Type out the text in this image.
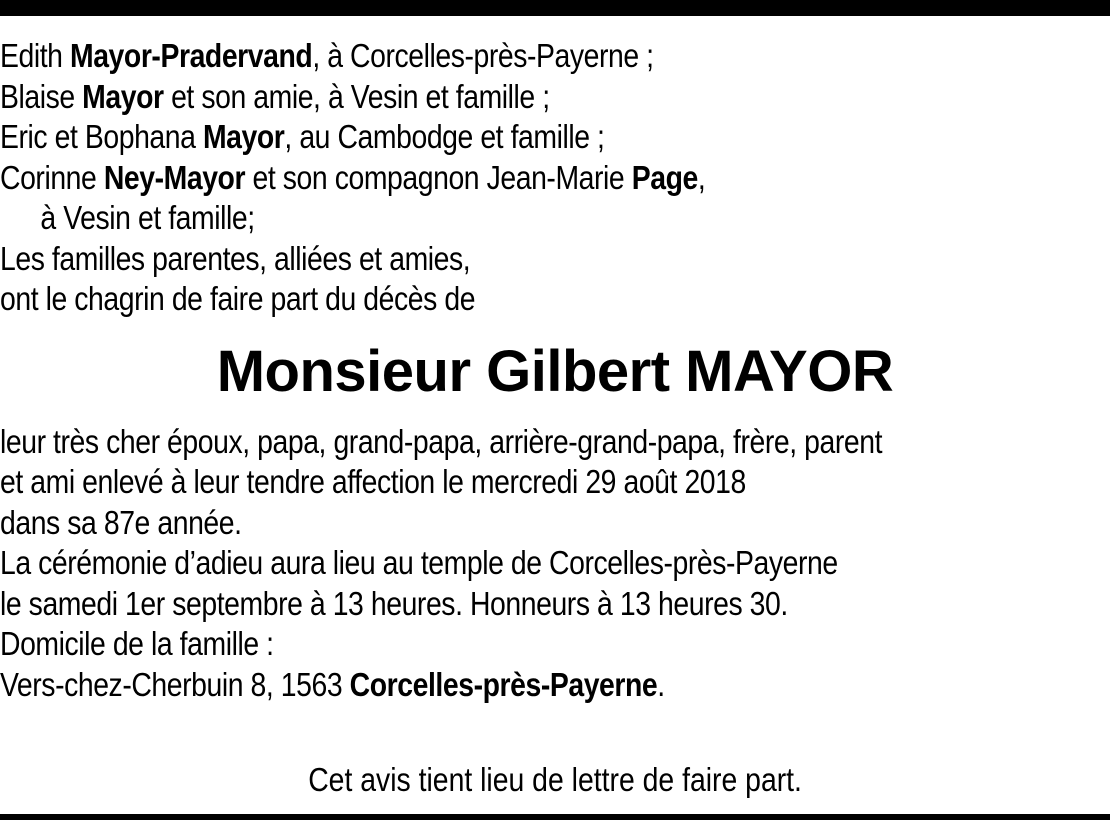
Edith Mayor-Pradervand, à Corcelles-près-Payerne ;
Blaise Mayor et son amie, à Vesin et famille ;
Eric et Bophana Mayor, au Cambodge et famille ;
Corinne Ney-Mayor et son compagnon Jean-Marie Page,
à Vesin et famille;
Les familles parentes, alliées et amies,
ont le chagrin de faire part du décès de
Monsieur Gilbert MAYOR
leur très cher époux, papa, grand-papa, arrière-grand-papa, frère, parent
et ami enlevé à leur tendre affection le mercredi 29 août 2018
dans sa 87e année.
La cérémonie d’adieu aura lieu au temple de Corcelles-près-Payerne
le samedi 1er septembre à 13 heures. Honneurs à 13 heures 30.
Domicile de la famille :
Vers-chez-Cherbuin 8, 1563 Corcelles-près-Payerne.
Cet avis tient lieu de lettre de faire part.
